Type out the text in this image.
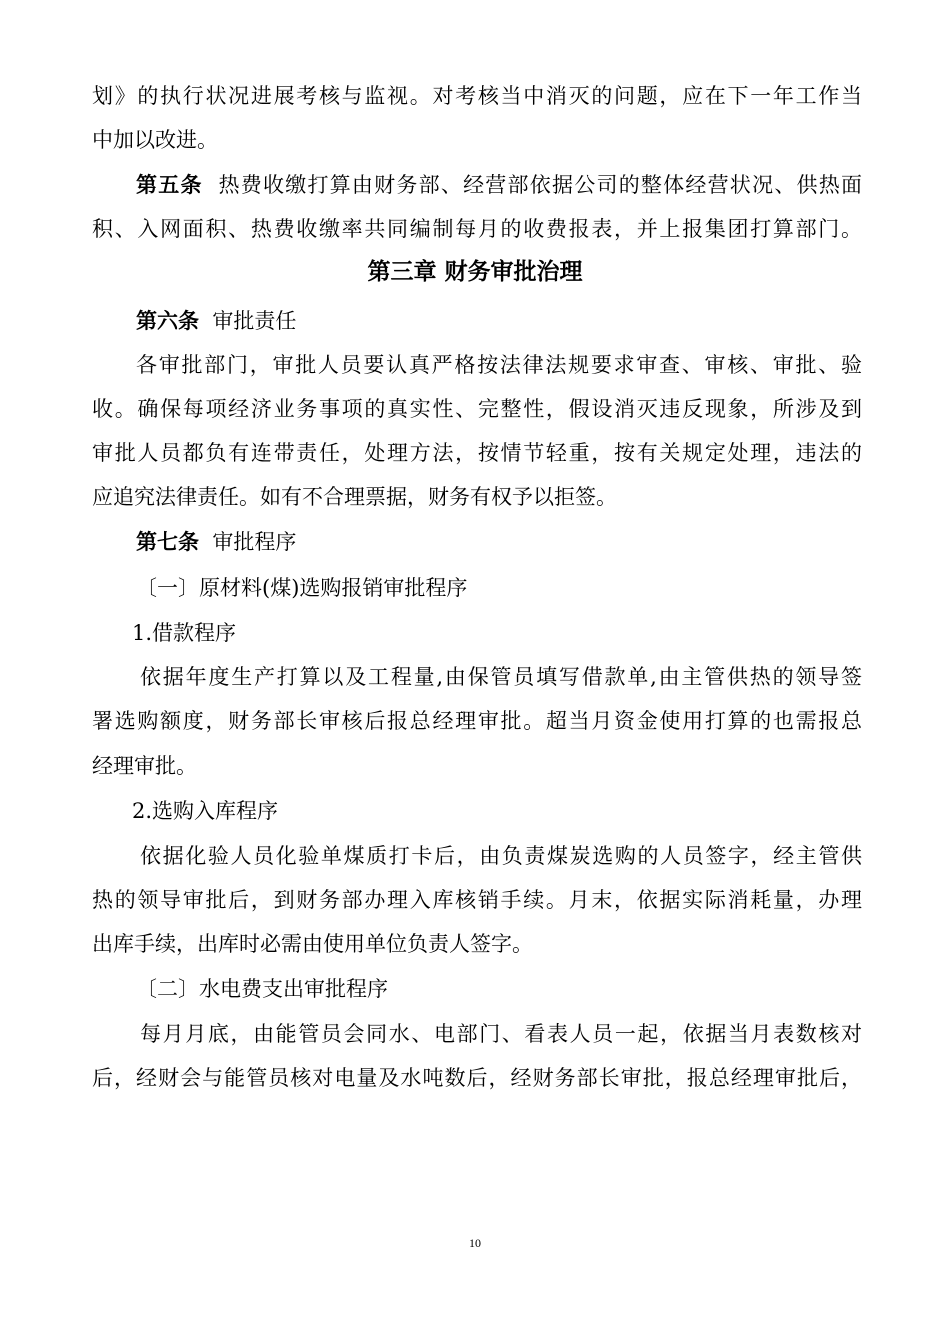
划》的执行状况进展考核与监视。对考核当中消灭的问题，应在下一年工作当
中加以改进。
第五条 热费收缴打算由财务部、经营部依据公司的整体经营状况、供热面
积、入网面积、热费收缴率共同编制每月的收费报表，并上报集团打算部门。
第三章 财务审批治理
第六条 审批责任
各审批部门，审批人员要认真严格按法律法规要求审查、审核、审批、验
收。确保每项经济业务事项的真实性、完整性，假设消灭违反现象，所涉及到
审批人员都负有连带责任，处理方法，按情节轻重，按有关规定处理，违法的
应追究法律责任。如有不合理票据，财务有权予以拒签。
第七条 审批程序
〔一〕原材料(煤)选购报销审批程序
1.借款程序
依据年度生产打算以及工程量,由保管员填写借款单,由主管供热的领导签
署选购额度，财务部长审核后报总经理审批。超当月资金使用打算的也需报总
经理审批。
2.选购入库程序
依据化验人员化验单煤质打卡后，由负责煤炭选购的人员签字，经主管供
热的领导审批后，到财务部办理入库核销手续。月末，依据实际消耗量，办理
出库手续，出库时必需由使用单位负责人签字。
〔二〕水电费支出审批程序
每月月底，由能管员会同水、电部门、看表人员一起，依据当月表数核对
后，经财会与能管员核对电量及水吨数后，经财务部长审批，报总经理审批后，
10
